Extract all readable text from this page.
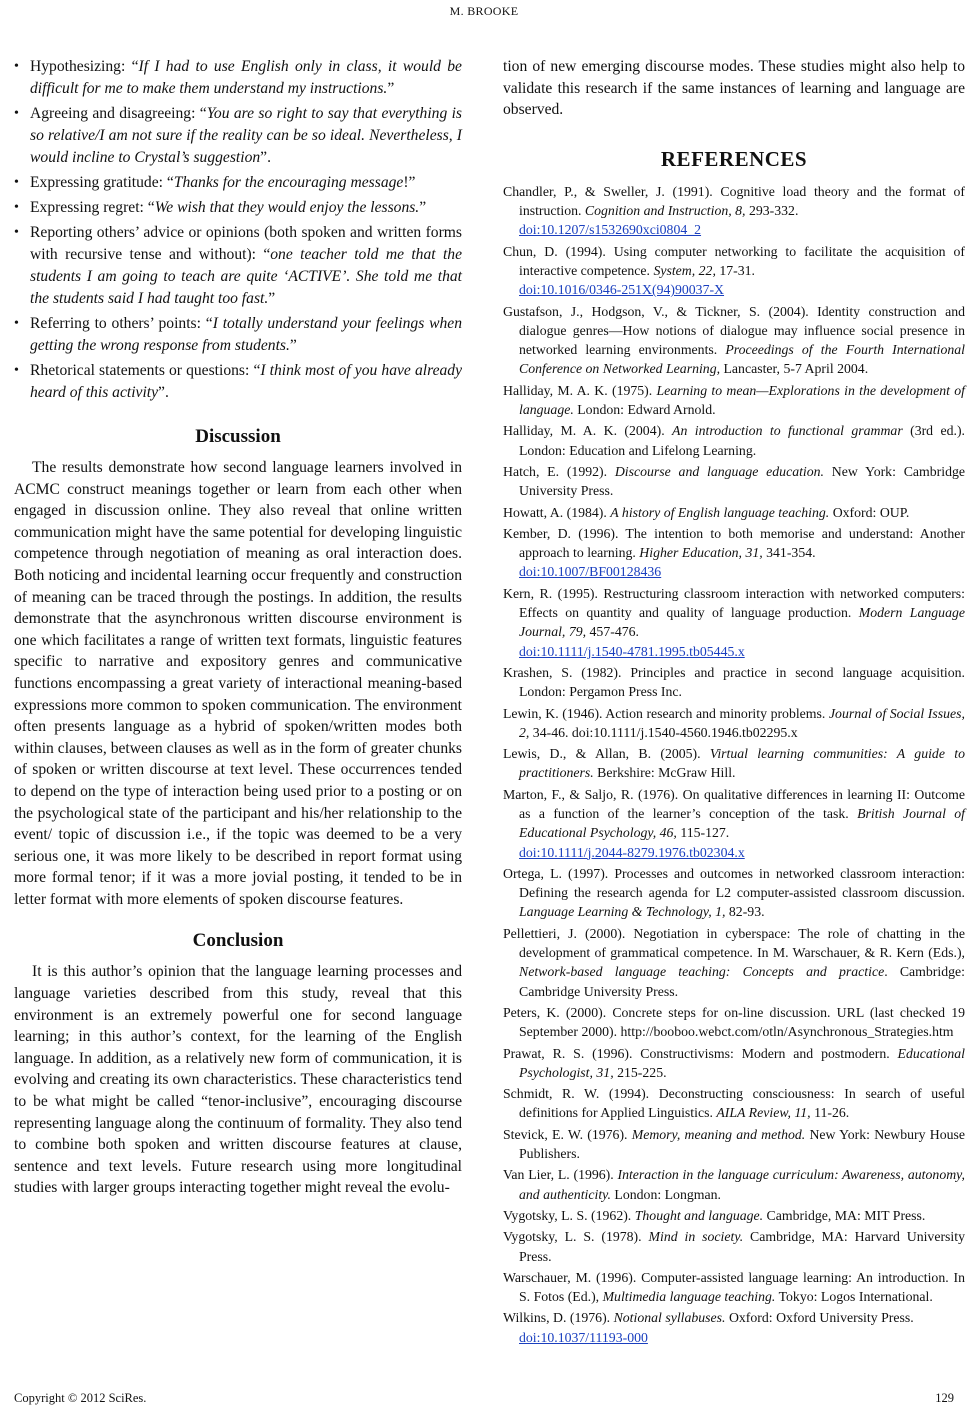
M. BROOKE
• Hypothesizing: “If I had to use English only in class, it would be difficult for me to make them understand my instructions.”
• Agreeing and disagreeing: “You are so right to say that everything is so relative/I am not sure if the reality can be so ideal. Nevertheless, I would incline to Crystal’s suggestion”.
• Expressing gratitude: “Thanks for the encouraging message!”
• Expressing regret: “We wish that they would enjoy the lessons.”
• Reporting others’ advice or opinions (both spoken and written forms with recursive tense and without): “one teacher told me that the students I am going to teach are quite ‘ACTIVE’. She told me that the students said I had taught too fast.”
• Referring to others’ points: “I totally understand your feelings when getting the wrong response from students.”
• Rhetorical statements or questions: “I think most of you have already heard of this activity”.
Discussion

The results demonstrate how second language learners involved in ACMC construct meanings together or learn from each other when engaged in discussion online. They also reveal that online written communication might have the same potential for developing linguistic competence through negotiation of meaning as oral interaction does. Both noticing and incidental learning occur frequently and construction of meaning can be traced through the postings. In addition, the results demonstrate that the asynchronous written discourse environment is one which facilitates a range of written text formats, linguistic features specific to narrative and expository genres and communicative functions encompassing a great variety of interactional meaning-based expressions more common to spoken communication. The environment often presents language as a hybrid of spoken/written modes both within clauses, between clauses as well as in the form of greater chunks of spoken or written discourse at text level. These occurrences tended to depend on the type of interaction being used prior to a posting or on the psychological state of the participant and his/her relationship to the event/ topic of discussion i.e., if the topic was deemed to be a very serious one, it was more likely to be described in report format using more formal tenor; if it was a more jovial posting, it tended to be in letter format with more elements of spoken discourse features.

Conclusion

It is this author’s opinion that the language learning processes and language varieties described from this study, reveal that this environment is an extremely powerful one for second language learning; in this author’s context, for the learning of the English language. In addition, as a relatively new form of communication, it is evolving and creating its own characteristics. These characteristics tend to be what might be called “tenor-inclusive”, encouraging discourse representing language along the continuum of formality. They also tend to combine both spoken and written discourse features at clause, sentence and text levels. Future research using more longitudinal studies with larger groups interacting together might reveal the evolu-

tion of new emerging discourse modes. These studies might also help to validate this research if the same instances of learning and language are observed.

REFERENCES
Chandler, P., & Sweller, J. (1991). Cognitive load theory and the format of instruction. Cognition and Instruction, 8, 293-332.
doi:10.1207/s1532690xci0804_2
Chun, D. (1994). Using computer networking to facilitate the acquisition of interactive competence. System, 22, 17-31.
doi:10.1016/0346-251X(94)90037-X
Gustafson, J., Hodgson, V., & Tickner, S. (2004). Identity construction and dialogue genres—How notions of dialogue may influence social presence in networked learning environments. Proceedings of the Fourth International Conference on Networked Learning, Lancaster, 5-7 April 2004.
Halliday, M. A. K. (1975). Learning to mean—Explorations in the development of language. London: Edward Arnold.
Halliday, M. A. K. (2004). An introduction to functional grammar (3rd ed.). London: Education and Lifelong Learning.
Hatch, E. (1992). Discourse and language education. New York: Cambridge University Press.
Howatt, A. (1984). A history of English language teaching. Oxford: OUP.
Kember, D. (1996). The intention to both memorise and understand: Another approach to learning. Higher Education, 31, 341-354.
doi:10.1007/BF00128436
Kern, R. (1995). Restructuring classroom interaction with networked computers: Effects on quantity and quality of language production. Modern Language Journal, 79, 457-476.
doi:10.1111/j.1540-4781.1995.tb05445.x
Krashen, S. (1982). Principles and practice in second language acquisition. London: Pergamon Press Inc.
Lewin, K. (1946). Action research and minority problems. Journal of Social Issues, 2, 34-46. doi:10.1111/j.1540-4560.1946.tb02295.x
Lewis, D., & Allan, B. (2005). Virtual learning communities: A guide to practitioners. Berkshire: McGraw Hill.
Marton, F., & Saljo, R. (1976). On qualitative differences in learning II: Outcome as a function of the learner’s conception of the task. British Journal of Educational Psychology, 46, 115-127.
doi:10.1111/j.2044-8279.1976.tb02304.x
Ortega, L. (1997). Processes and outcomes in networked classroom interaction: Defining the research agenda for L2 computer-assisted classroom discussion. Language Learning & Technology, 1, 82-93.
Pellettieri, J. (2000). Negotiation in cyberspace: The role of chatting in the development of grammatical competence. In M. Warschauer, & R. Kern (Eds.), Network-based language teaching: Concepts and practice. Cambridge: Cambridge University Press.
Peters, K. (2000). Concrete steps for on-line discussion. URL (last checked 19 September 2000). http://booboo.webct.com/otln/Asynchronous_Strategies.htm
Prawat, R. S. (1996). Constructivisms: Modern and postmodern. Educational Psychologist, 31, 215-225.
Schmidt, R. W. (1994). Deconstructing consciousness: In search of useful definitions for Applied Linguistics. AILA Review, 11, 11-26.
Stevick, E. W. (1976). Memory, meaning and method. New York: Newbury House Publishers.
Van Lier, L. (1996). Interaction in the language curriculum: Awareness, autonomy, and authenticity. London: Longman.
Vygotsky, L. S. (1962). Thought and language. Cambridge, MA: MIT Press.
Vygotsky, L. S. (1978). Mind in society. Cambridge, MA: Harvard University Press.
Warschauer, M. (1996). Computer-assisted language learning: An introduction. In S. Fotos (Ed.), Multimedia language teaching. Tokyo: Logos International.
Wilkins, D. (1976). Notional syllabuses. Oxford: Oxford University Press.
doi:10.1037/11193-000
Copyright © 2012 SciRes.	129
